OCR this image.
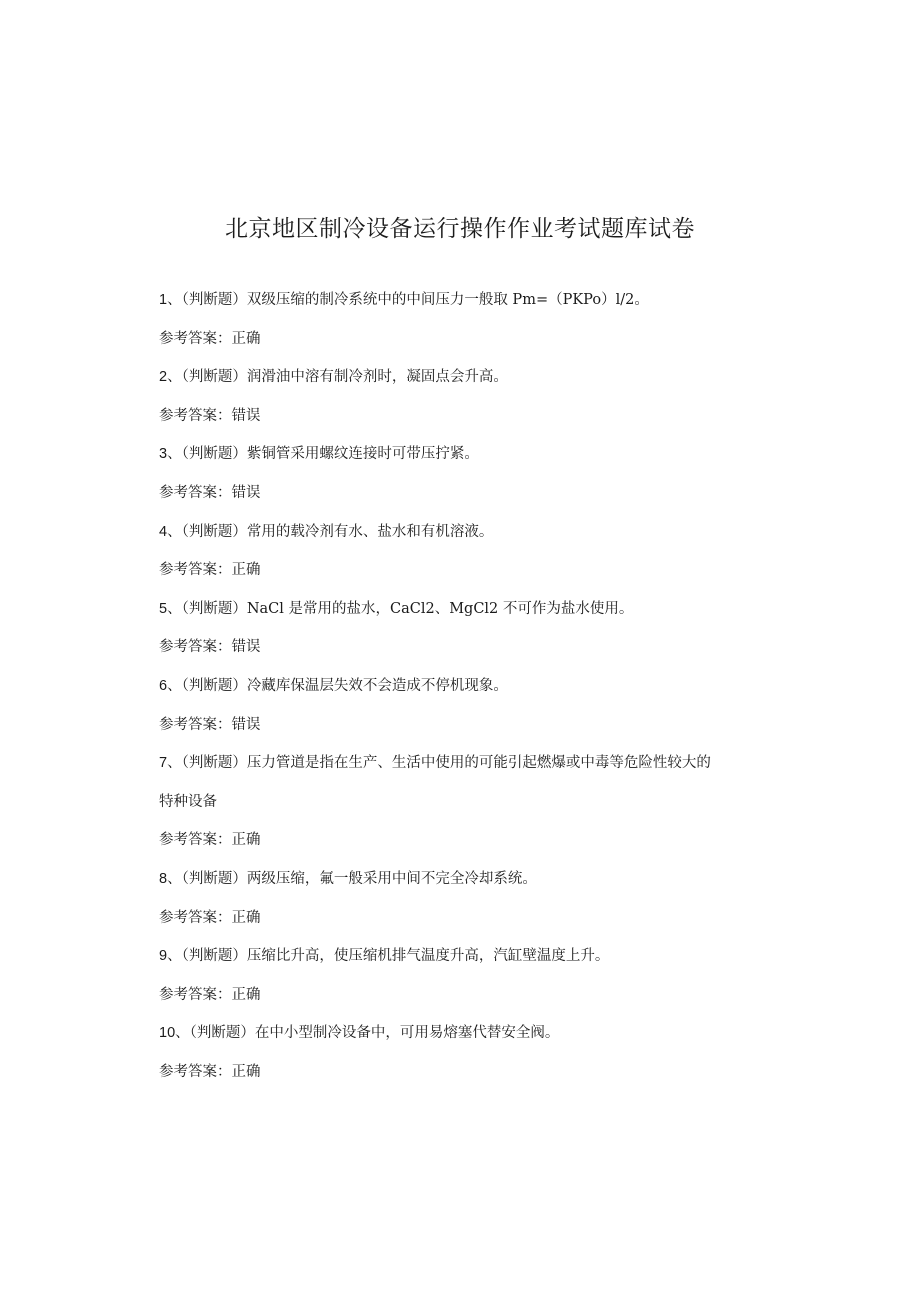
北京地区制冷设备运行操作作业考试题库试卷
1、（判断题）双级压缩的制冷系统中的中间压力一般取 Pm=（PKPo）l/2。
参考答案：正确
2、（判断题）润滑油中溶有制冷剂时，凝固点会升高。
参考答案：错误
3、（判断题）紫铜管采用螺纹连接时可带压拧紧。
参考答案：错误
4、（判断题）常用的载冷剂有水、盐水和有机溶液。
参考答案：正确
5、（判断题）NaCl 是常用的盐水，CaCl2、MgCl2 不可作为盐水使用。
参考答案：错误
6、（判断题）冷藏库保温层失效不会造成不停机现象。
参考答案：错误
7、（判断题）压力管道是指在生产、生活中使用的可能引起燃爆或中毒等危险性较大的
特种设备
参考答案：正确
8、（判断题）两级压缩，氟一般采用中间不完全冷却系统。
参考答案：正确
9、（判断题）压缩比升高，使压缩机排气温度升高，汽缸壁温度上升。
参考答案：正确
10、（判断题）在中小型制冷设备中，可用易熔塞代替安全阀。
参考答案：正确
